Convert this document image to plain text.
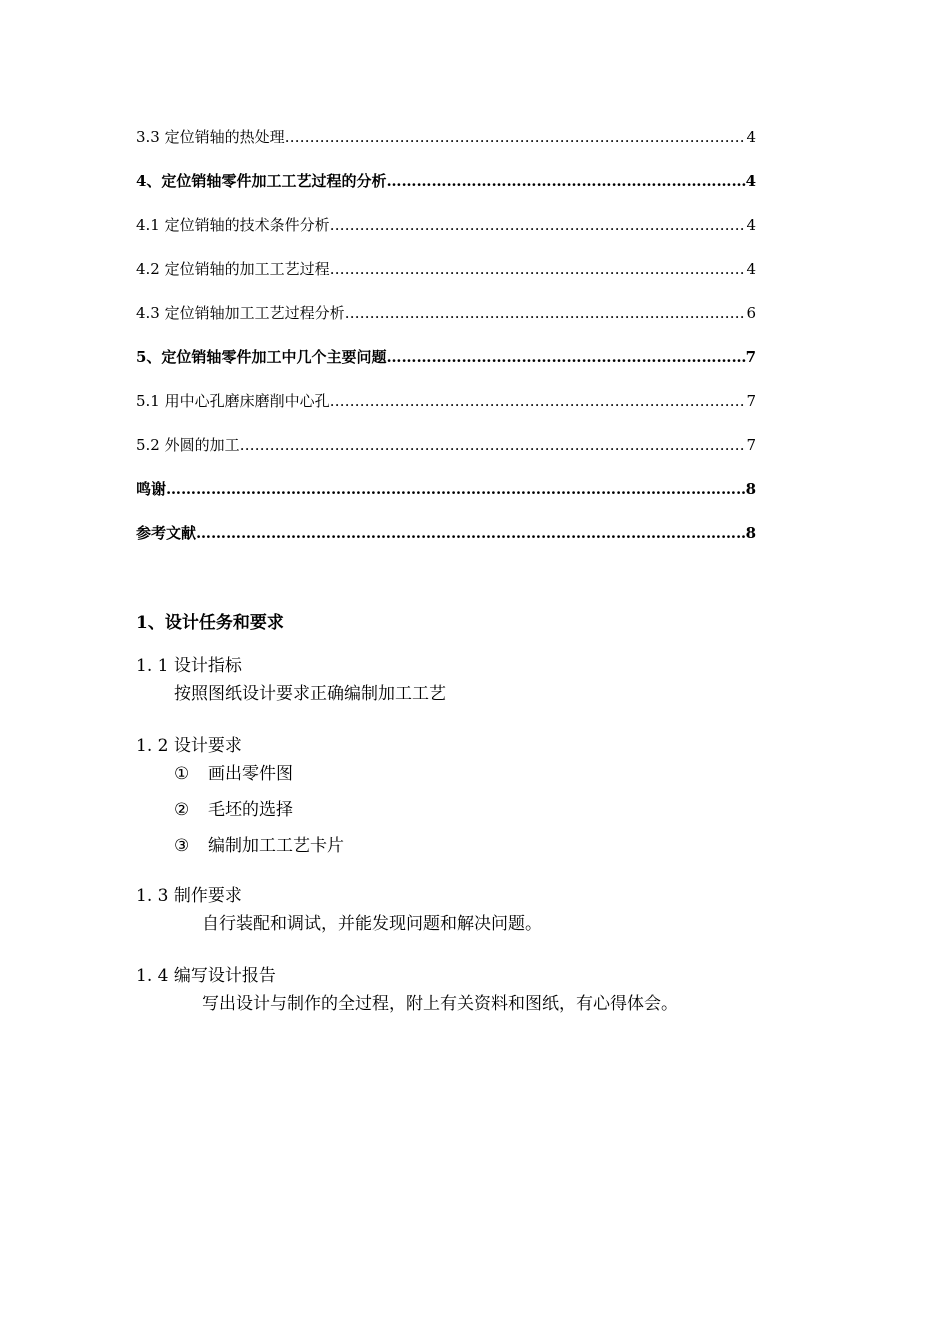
3.3 定位销轴的热处理 ……………………………………………………………………………………………………………………………………………………………………………………………………………………………	4
4、定位销轴零件加工工艺过程的分析 ……………………………………………………………………………………………………………………………………………………………………………………………………………………………	4
4.1 定位销轴的技术条件分析 ……………………………………………………………………………………………………………………………………………………………………………………………………………………………	4
4.2 定位销轴的加工工艺过程 ……………………………………………………………………………………………………………………………………………………………………………………………………………………………	4
4.3 定位销轴加工工艺过程分析 ……………………………………………………………………………………………………………………………………………………………………………………………………………………………	6
5、定位销轴零件加工中几个主要问题 ……………………………………………………………………………………………………………………………………………………………………………………………………………………………	7
5.1 用中心孔磨床磨削中心孔 ……………………………………………………………………………………………………………………………………………………………………………………………………………………………	7
5.2 外圆的加工 ……………………………………………………………………………………………………………………………………………………………………………………………………………………………	7
鸣谢 ……………………………………………………………………………………………………………………………………………………………………………………………………………………………	8
参考文献 ……………………………………………………………………………………………………………………………………………………………………………………………………………………………	8
1、设计任务和要求
1. 1 设计指标
按照图纸设计要求正确编制加工工艺
1. 2 设计要求
①	画出零件图
②	毛坯的选择
③	编制加工工艺卡片
1. 3 制作要求
自行装配和调试，并能发现问题和解决问题。
1. 4 编写设计报告
写出设计与制作的全过程，附上有关资料和图纸，有心得体会。
